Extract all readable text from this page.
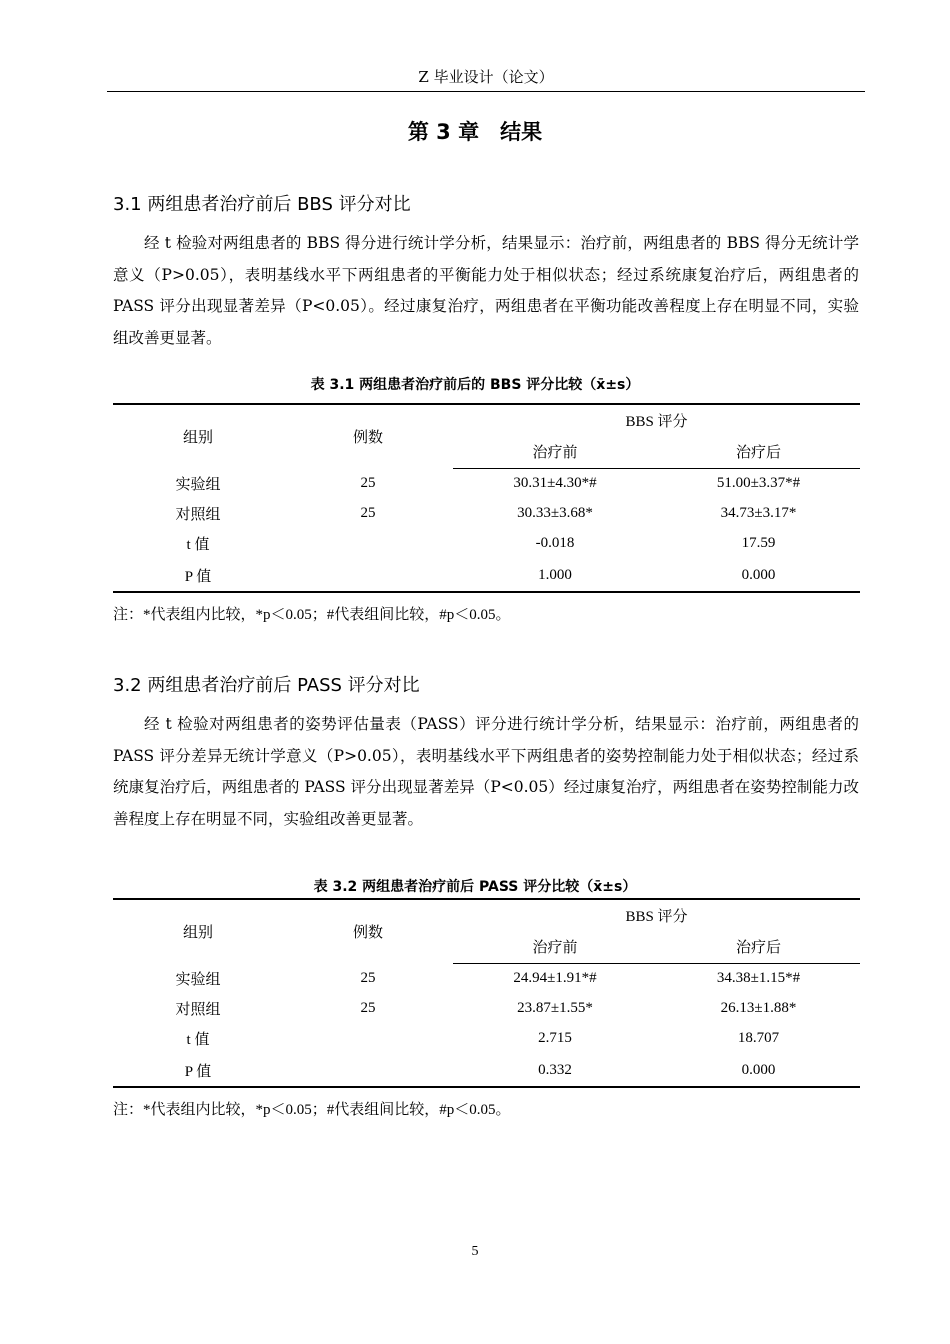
Z 毕业设计（论文）
第 3 章　结果
3.1 两组患者治疗前后 BBS 评分对比

经 t 检验对两组患者的 BBS 得分进行统计学分析，结果显示：治疗前，两组患者的 BBS 得分无统计学意义（P>0.05），表明基线水平下两组患者的平衡能力处于相似状态；经过系统康复治疗后，两组患者的 PASS 评分出现显著差异（P<0.05）。经过康复治疗，两组患者在平衡功能改善程度上存在明显不同，实验组改善更显著。

表 3.1 两组患者治疗前后的 BBS 评分比较（x̄±s）
组别	例数	BBS 评分	
		治疗前	治疗后
实验组	25	30.31±4.30*#	51.00±3.37*#
对照组	25	30.33±3.68*	34.73±3.17*
t 值		-0.018	17.59
P 值		1.000	0.000
注：*代表组内比较，*p＜0.05；#代表组间比较，#p＜0.05。
3.2 两组患者治疗前后 PASS 评分对比

经 t 检验对两组患者的姿势评估量表（PASS）评分进行统计学分析，结果显示：治疗前，两组患者的 PASS 评分差异无统计学意义（P>0.05），表明基线水平下两组患者的姿势控制能力处于相似状态；经过系统康复治疗后，两组患者的 PASS 评分出现显著差异（P<0.05）经过康复治疗，两组患者在姿势控制能力改善程度上存在明显不同，实验组改善更显著。

表 3.2 两组患者治疗前后 PASS 评分比较（x̄±s）
组别	例数	BBS 评分	
		治疗前	治疗后
实验组	25	24.94±1.91*#	34.38±1.15*#
对照组	25	23.87±1.55*	26.13±1.88*
t 值		2.715	18.707
P 值		0.332	0.000
注：*代表组内比较，*p＜0.05；#代表组间比较，#p＜0.05。
5
